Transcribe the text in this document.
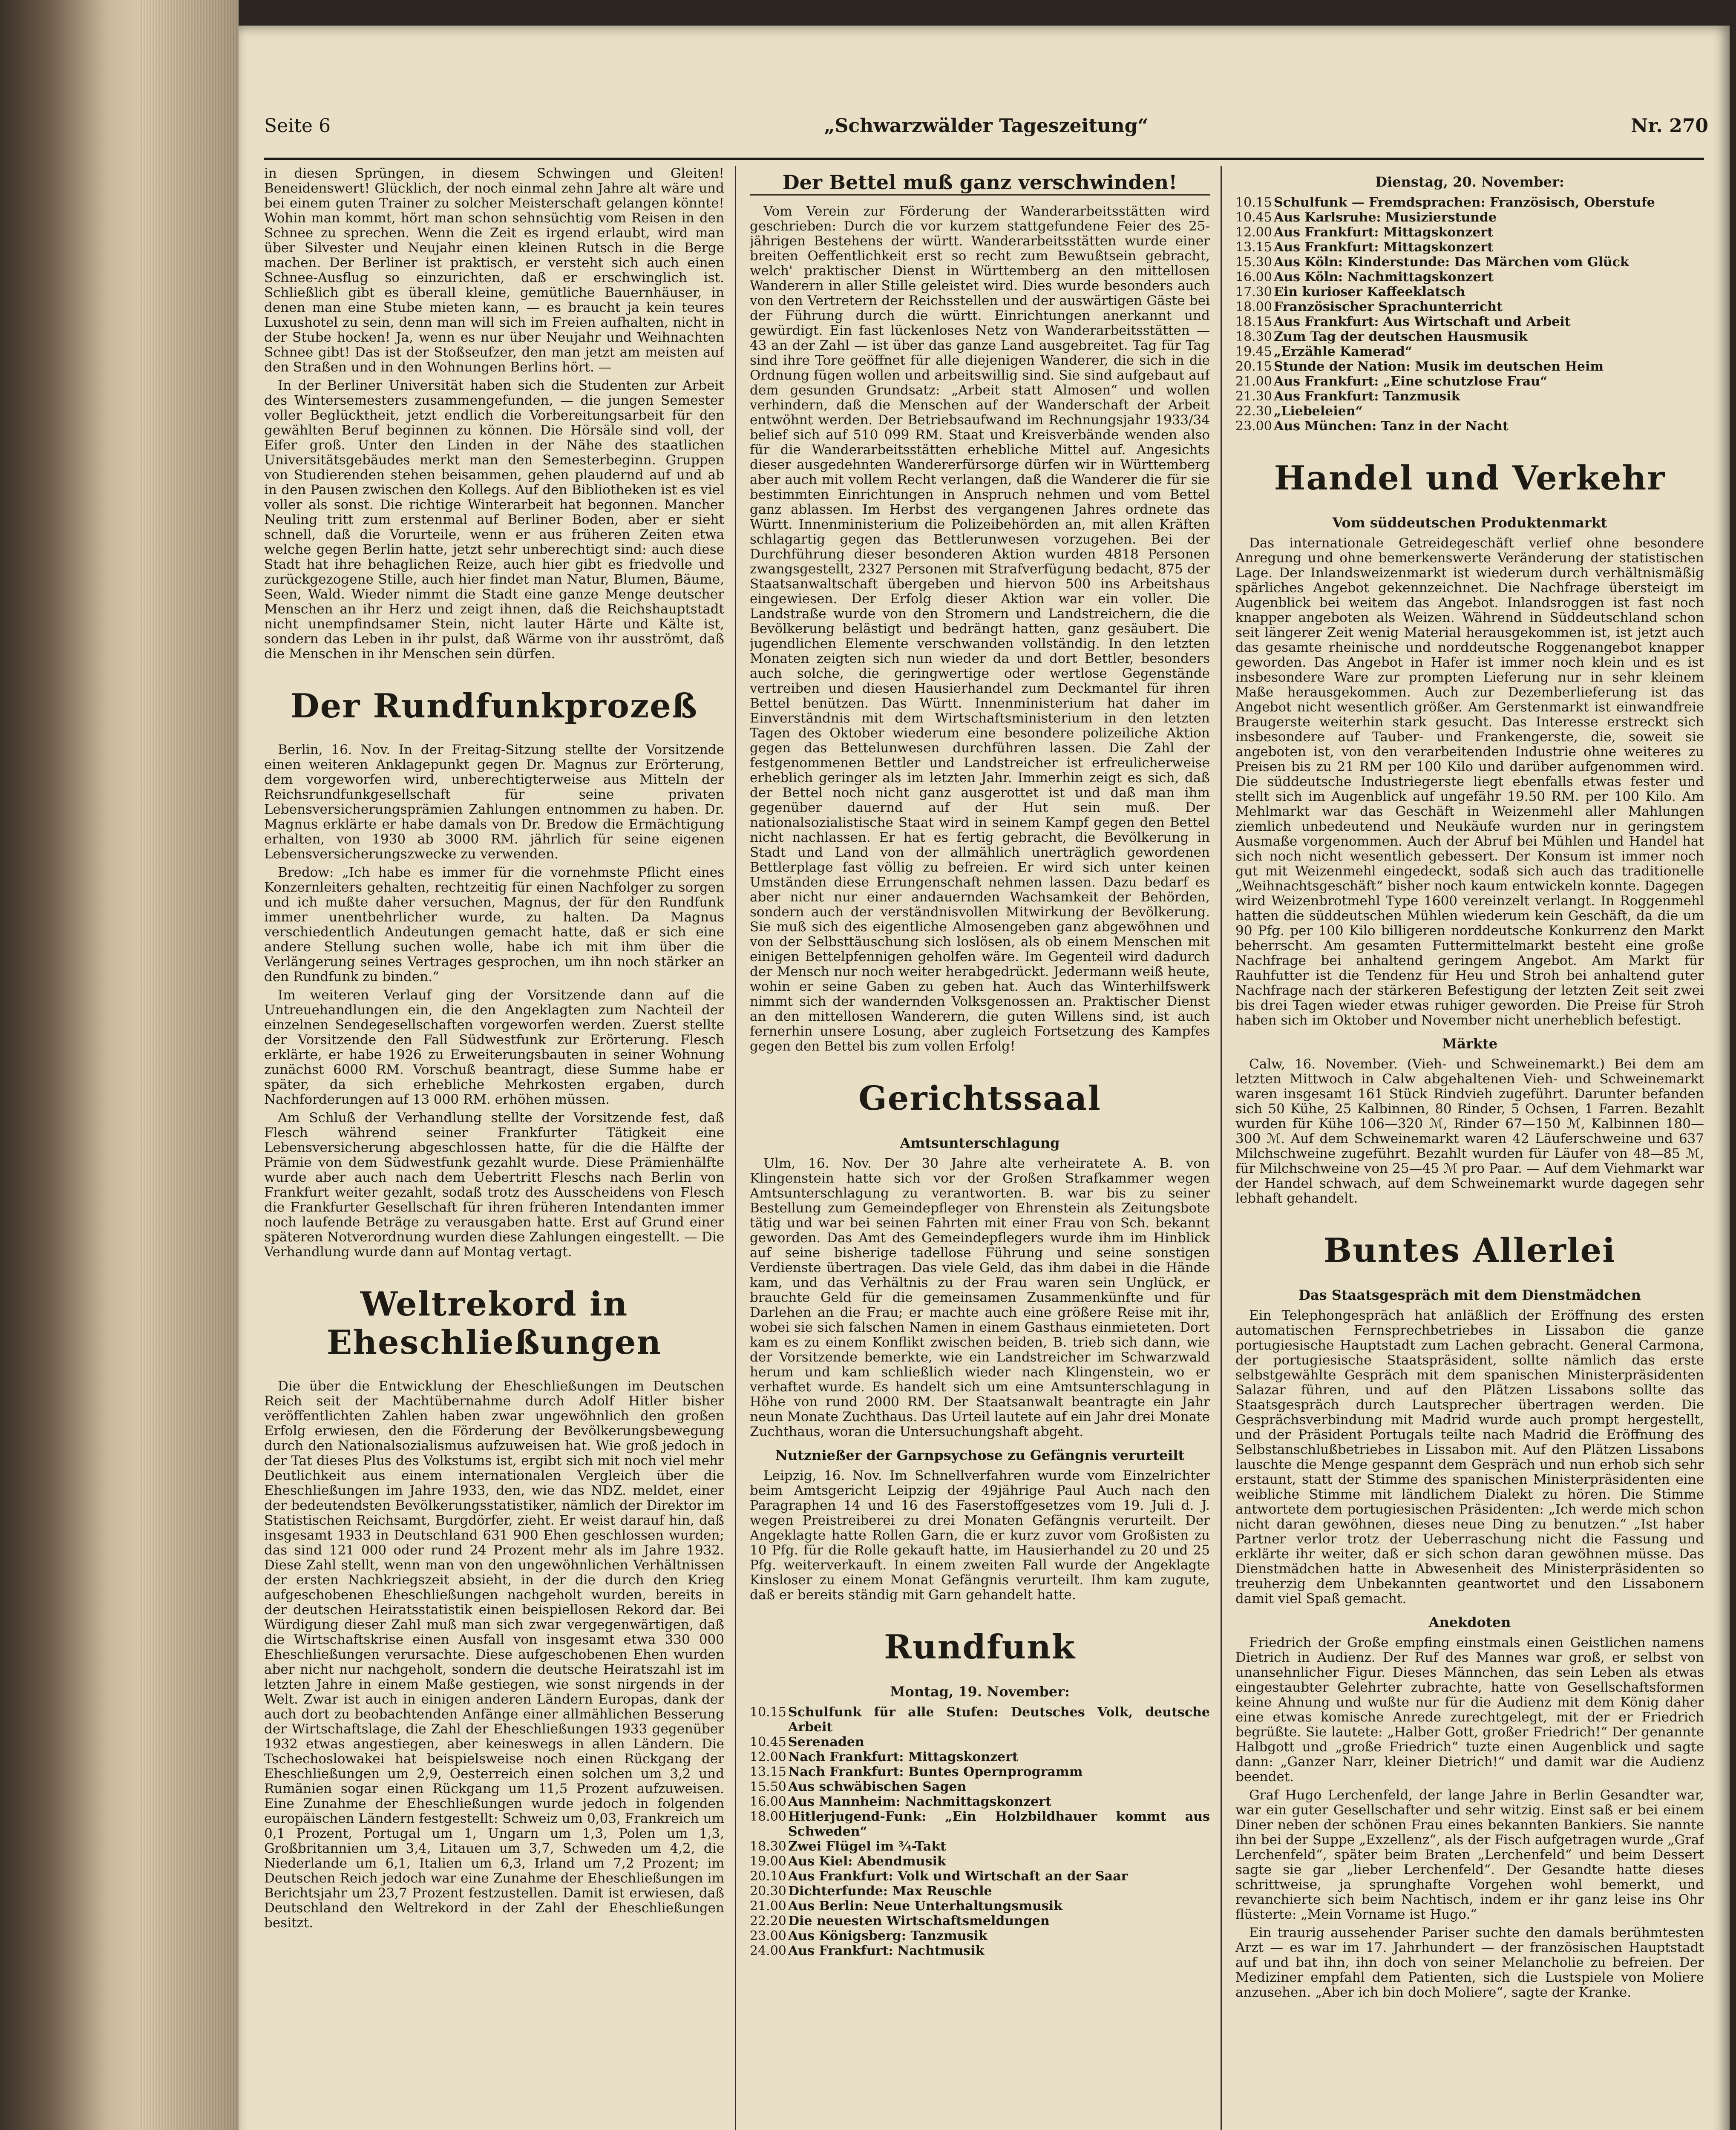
Seite 6	„Schwarzwälder Tageszeitung“	Nr. 270

in diesen Sprüngen, in diesem Schwingen und Gleiten! Beneidenswert! Glücklich, der noch einmal zehn Jahre alt wäre und bei einem guten Trainer zu solcher Meisterschaft gelangen könnte! Wohin man kommt, hört man schon sehnsüchtig vom Reisen in den Schnee zu sprechen. Wenn die Zeit es irgend erlaubt, wird man über Silvester und Neujahr einen kleinen Rutsch in die Berge machen. Der Berliner ist praktisch, er versteht sich auch einen Schnee-Ausflug so einzurichten, daß er erschwinglich ist. Schließlich gibt es überall kleine, gemütliche Bauernhäuser, in denen man eine Stube mieten kann, — es braucht ja kein teures Luxushotel zu sein, denn man will sich im Freien aufhalten, nicht in der Stube hocken! Ja, wenn es nur über Neujahr und Weihnachten Schnee gibt! Das ist der Stoßseufzer, den man jetzt am meisten auf den Straßen und in den Wohnungen Berlins hört. —

In der Berliner Universität haben sich die Studenten zur Arbeit des Wintersemesters zusammengefunden, — die jungen Semester voller Beglücktheit, jetzt endlich die Vorbereitungsarbeit für den gewählten Beruf beginnen zu können. Die Hörsäle sind voll, der Eifer groß. Unter den Linden in der Nähe des staatlichen Universitätsgebäudes merkt man den Semesterbeginn. Gruppen von Studierenden stehen beisammen, gehen plaudernd auf und ab in den Pausen zwischen den Kollegs. Auf den Bibliotheken ist es viel voller als sonst. Die richtige Winterarbeit hat begonnen. Mancher Neuling tritt zum erstenmal auf Berliner Boden, aber er sieht schnell, daß die Vorurteile, wenn er aus früheren Zeiten etwa welche gegen Berlin hatte, jetzt sehr unberechtigt sind: auch diese Stadt hat ihre behaglichen Reize, auch hier gibt es friedvolle und zurückgezogene Stille, auch hier findet man Natur, Blumen, Bäume, Seen, Wald. Wieder nimmt die Stadt eine ganze Menge deutscher Menschen an ihr Herz und zeigt ihnen, daß die Reichshauptstadt nicht unempfindsamer Stein, nicht lauter Härte und Kälte ist, sondern das Leben in ihr pulst, daß Wärme von ihr ausströmt, daß die Menschen in ihr Menschen sein dürfen.

Der Rundfunkprozeß

Berlin, 16. Nov. In der Freitag-Sitzung stellte der Vorsitzende einen weiteren Anklagepunkt gegen Dr. Magnus zur Erörterung, dem vorgeworfen wird, unberechtigterweise aus Mitteln der Reichsrundfunkgesellschaft für seine privaten Lebensversicherungsprämien Zahlungen entnommen zu haben. Dr. Magnus erklärte er habe damals von Dr. Bredow die Ermächtigung erhalten, von 1930 ab 3000 RM. jährlich für seine eigenen Lebensversicherungszwecke zu verwenden.

Bredow: „Ich habe es immer für die vornehmste Pflicht eines Konzernleiters gehalten, rechtzeitig für einen Nachfolger zu sorgen und ich mußte daher versuchen, Magnus, der für den Rundfunk immer unentbehrlicher wurde, zu halten. Da Magnus verschiedentlich Andeutungen gemacht hatte, daß er sich eine andere Stellung suchen wolle, habe ich mit ihm über die Verlängerung seines Vertrages gesprochen, um ihn noch stärker an den Rundfunk zu binden.“

Im weiteren Verlauf ging der Vorsitzende dann auf die Untreuehandlungen ein, die den Angeklagten zum Nachteil der einzelnen Sendegesellschaften vorgeworfen werden. Zuerst stellte der Vorsitzende den Fall Südwestfunk zur Erörterung. Flesch erklärte, er habe 1926 zu Erweiterungsbauten in seiner Wohnung zunächst 6000 RM. Vorschuß beantragt, diese Summe habe er später, da sich erhebliche Mehrkosten ergaben, durch Nachforderungen auf 13 000 RM. erhöhen müssen.

Am Schluß der Verhandlung stellte der Vorsitzende fest, daß Flesch während seiner Frankfurter Tätigkeit eine Lebensversicherung abgeschlossen hatte, für die die Hälfte der Prämie von dem Südwestfunk gezahlt wurde. Diese Prämienhälfte wurde aber auch nach dem Uebertritt Fleschs nach Berlin von Frankfurt weiter gezahlt, sodaß trotz des Ausscheidens von Flesch die Frankfurter Gesellschaft für ihren früheren Intendanten immer noch laufende Beträge zu verausgaben hatte. Erst auf Grund einer späteren Notverordnung wurden diese Zahlungen eingestellt. — Die Verhandlung wurde dann auf Montag vertagt.

Weltrekord in Eheschließungen

Die über die Entwicklung der Eheschließungen im Deutschen Reich seit der Machtübernahme durch Adolf Hitler bisher veröffentlichten Zahlen haben zwar ungewöhnlich den großen Erfolg erwiesen, den die Förderung der Bevölkerungsbewegung durch den Nationalsozialismus aufzuweisen hat. Wie groß jedoch in der Tat dieses Plus des Volkstums ist, ergibt sich mit noch viel mehr Deutlichkeit aus einem internationalen Vergleich über die Eheschließungen im Jahre 1933, den, wie das NDZ. meldet, einer der bedeutendsten Bevölkerungsstatistiker, nämlich der Direktor im Statistischen Reichsamt, Burgdörfer, zieht. Er weist darauf hin, daß insgesamt 1933 in Deutschland 631 900 Ehen geschlossen wurden; das sind 121 000 oder rund 24 Prozent mehr als im Jahre 1932. Diese Zahl stellt, wenn man von den ungewöhnlichen Verhältnissen der ersten Nachkriegszeit absieht, in der die durch den Krieg aufgeschobenen Eheschließungen nachgeholt wurden, bereits in der deutschen Heiratsstatistik einen beispiellosen Rekord dar. Bei Würdigung dieser Zahl muß man sich zwar vergegenwärtigen, daß die Wirtschaftskrise einen Ausfall von insgesamt etwa 330 000 Eheschließungen verursachte. Diese aufgeschobenen Ehen wurden aber nicht nur nachgeholt, sondern die deutsche Heiratszahl ist im letzten Jahre in einem Maße gestiegen, wie sonst nirgends in der Welt. Zwar ist auch in einigen anderen Ländern Europas, dank der auch dort zu beobachtenden Anfänge einer allmählichen Besserung der Wirtschaftslage, die Zahl der Eheschließungen 1933 gegenüber 1932 etwas angestiegen, aber keineswegs in allen Ländern. Die Tschechoslowakei hat beispielsweise noch einen Rückgang der Eheschließungen um 2,9, Oesterreich einen solchen um 3,2 und Rumänien sogar einen Rückgang um 11,5 Prozent aufzuweisen. Eine Zunahme der Eheschließungen wurde jedoch in folgenden europäischen Ländern festgestellt: Schweiz um 0,03, Frankreich um 0,1 Prozent, Portugal um 1, Ungarn um 1,3, Polen um 1,3, Großbritannien um 3,4, Litauen um 3,7, Schweden um 4,2, die Niederlande um 6,1, Italien um 6,3, Irland um 7,2 Prozent; im Deutschen Reich jedoch war eine Zunahme der Eheschließungen im Berichtsjahr um 23,7 Prozent festzustellen. Damit ist erwiesen, daß Deutschland den Weltrekord in der Zahl der Eheschließungen besitzt.

Der Bettel muß ganz verschwinden!

Vom Verein zur Förderung der Wanderarbeitsstätten wird geschrieben: Durch die vor kurzem stattgefundene Feier des 25-jährigen Bestehens der württ. Wanderarbeitsstätten wurde einer breiten Oeffentlichkeit erst so recht zum Bewußtsein gebracht, welch' praktischer Dienst in Württemberg an den mittellosen Wanderern in aller Stille geleistet wird. Dies wurde besonders auch von den Vertretern der Reichsstellen und der auswärtigen Gäste bei der Führung durch die württ. Einrichtungen anerkannt und gewürdigt. Ein fast lückenloses Netz von Wanderarbeitsstätten — 43 an der Zahl — ist über das ganze Land ausgebreitet. Tag für Tag sind ihre Tore geöffnet für alle diejenigen Wanderer, die sich in die Ordnung fügen wollen und arbeitswillig sind. Sie sind aufgebaut auf dem gesunden Grundsatz: „Arbeit statt Almosen“ und wollen verhindern, daß die Menschen auf der Wanderschaft der Arbeit entwöhnt werden. Der Betriebsaufwand im Rechnungsjahr 1933/34 belief sich auf 510 099 RM. Staat und Kreisverbände wenden also für die Wanderarbeitsstätten erhebliche Mittel auf. Angesichts dieser ausgedehnten Wandererfürsorge dürfen wir in Württemberg aber auch mit vollem Recht verlangen, daß die Wanderer die für sie bestimmten Einrichtungen in Anspruch nehmen und vom Bettel ganz ablassen. Im Herbst des vergangenen Jahres ordnete das Württ. Innenministerium die Polizeibehörden an, mit allen Kräften schlagartig gegen das Bettlerunwesen vorzugehen. Bei der Durchführung dieser besonderen Aktion wurden 4818 Personen zwangsgestellt, 2327 Personen mit Strafverfügung bedacht, 875 der Staatsanwaltschaft übergeben und hiervon 500 ins Arbeitshaus eingewiesen. Der Erfolg dieser Aktion war ein voller. Die Landstraße wurde von den Stromern und Landstreichern, die die Bevölkerung belästigt und bedrängt hatten, ganz gesäubert. Die jugendlichen Elemente verschwanden vollständig. In den letzten Monaten zeigten sich nun wieder da und dort Bettler, besonders auch solche, die geringwertige oder wertlose Gegenstände vertreiben und diesen Hausierhandel zum Deckmantel für ihren Bettel benützen. Das Württ. Innenministerium hat daher im Einverständnis mit dem Wirtschaftsministerium in den letzten Tagen des Oktober wiederum eine besondere polizeiliche Aktion gegen das Bettelunwesen durchführen lassen. Die Zahl der festgenommenen Bettler und Landstreicher ist erfreulicherweise erheblich geringer als im letzten Jahr. Immerhin zeigt es sich, daß der Bettel noch nicht ganz ausgerottet ist und daß man ihm gegenüber dauernd auf der Hut sein muß. Der nationalsozialistische Staat wird in seinem Kampf gegen den Bettel nicht nachlassen. Er hat es fertig gebracht, die Bevölkerung in Stadt und Land von der allmählich unerträglich gewordenen Bettlerplage fast völlig zu befreien. Er wird sich unter keinen Umständen diese Errungenschaft nehmen lassen. Dazu bedarf es aber nicht nur einer andauernden Wachsamkeit der Behörden, sondern auch der verständnisvollen Mitwirkung der Bevölkerung. Sie muß sich des eigentliche Almosengeben ganz abgewöhnen und von der Selbsttäuschung sich loslösen, als ob einem Menschen mit einigen Bettelpfennigen geholfen wäre. Im Gegenteil wird dadurch der Mensch nur noch weiter herabgedrückt. Jedermann weiß heute, wohin er seine Gaben zu geben hat. Auch das Winterhilfswerk nimmt sich der wandernden Volksgenossen an. Praktischer Dienst an den mittellosen Wanderern, die guten Willens sind, ist auch fernerhin unsere Losung, aber zugleich Fortsetzung des Kampfes gegen den Bettel bis zum vollen Erfolg!

Gerichtssaal
Amtsunterschlagung

Ulm, 16. Nov. Der 30 Jahre alte verheiratete A. B. von Klingenstein hatte sich vor der Großen Strafkammer wegen Amtsunterschlagung zu verantworten. B. war bis zu seiner Bestellung zum Gemeindepfleger von Ehrenstein als Zeitungsbote tätig und war bei seinen Fahrten mit einer Frau von Sch. bekannt geworden. Das Amt des Gemeindepflegers wurde ihm im Hinblick auf seine bisherige tadellose Führung und seine sonstigen Verdienste übertragen. Das viele Geld, das ihm dabei in die Hände kam, und das Verhältnis zu der Frau waren sein Unglück, er brauchte Geld für die gemeinsamen Zusammenkünfte und für Darlehen an die Frau; er machte auch eine größere Reise mit ihr, wobei sie sich falschen Namen in einem Gasthaus einmieteten. Dort kam es zu einem Konflikt zwischen beiden, B. trieb sich dann, wie der Vorsitzende bemerkte, wie ein Landstreicher im Schwarzwald herum und kam schließlich wieder nach Klingenstein, wo er verhaftet wurde. Es handelt sich um eine Amtsunterschlagung in Höhe von rund 2000 RM. Der Staatsanwalt beantragte ein Jahr neun Monate Zuchthaus. Das Urteil lautete auf ein Jahr drei Monate Zuchthaus, woran die Untersuchungshaft abgeht.

Nutznießer der Garnpsychose zu Gefängnis verurteilt

Leipzig, 16. Nov. Im Schnellverfahren wurde vom Einzelrichter beim Amtsgericht Leipzig der 49jährige Paul Auch nach den Paragraphen 14 und 16 des Faserstoffgesetzes vom 19. Juli d. J. wegen Preistreiberei zu drei Monaten Gefängnis verurteilt. Der Angeklagte hatte Rollen Garn, die er kurz zuvor vom Großisten zu 10 Pfg. für die Rolle gekauft hatte, im Hausierhandel zu 20 und 25 Pfg. weiterverkauft. In einem zweiten Fall wurde der Angeklagte Kinsloser zu einem Monat Gefängnis verurteilt. Ihm kam zugute, daß er bereits ständig mit Garn gehandelt hatte.

Rundfunk
Montag, 19. November:
10.15 Schulfunk für alle Stufen: Deutsches Volk, deutsche Arbeit
10.45 Serenaden
12.00 Nach Frankfurt: Mittagskonzert
13.15 Nach Frankfurt: Buntes Opernprogramm
15.50 Aus schwäbischen Sagen
16.00 Aus Mannheim: Nachmittagskonzert
18.00 Hitlerjugend-Funk: „Ein Holzbildhauer kommt aus Schweden“
18.30 Zwei Flügel im ¾-Takt
19.00 Aus Kiel: Abendmusik
20.10 Aus Frankfurt: Volk und Wirtschaft an der Saar
20.30 Dichterfunde: Max Reuschle
21.00 Aus Berlin: Neue Unterhaltungsmusik
22.20 Die neuesten Wirtschaftsmeldungen
23.00 Aus Königsberg: Tanzmusik
24.00 Aus Frankfurt: Nachtmusik
Dienstag, 20. November:
10.15 Schulfunk — Fremdsprachen: Französisch, Oberstufe
10.45 Aus Karlsruhe: Musizierstunde
12.00 Aus Frankfurt: Mittagskonzert
13.15 Aus Frankfurt: Mittagskonzert
15.30 Aus Köln: Kinderstunde: Das Märchen vom Glück
16.00 Aus Köln: Nachmittagskonzert
17.30 Ein kurioser Kaffeeklatsch
18.00 Französischer Sprachunterricht
18.15 Aus Frankfurt: Aus Wirtschaft und Arbeit
18.30 Zum Tag der deutschen Hausmusik
19.45 „Erzähle Kamerad“
20.15 Stunde der Nation: Musik im deutschen Heim
21.00 Aus Frankfurt: „Eine schutzlose Frau“
21.30 Aus Frankfurt: Tanzmusik
22.30 „Liebeleien“
23.00 Aus München: Tanz in der Nacht
Handel und Verkehr
Vom süddeutschen Produktenmarkt

Das internationale Getreidegeschäft verlief ohne besondere Anregung und ohne bemerkenswerte Veränderung der statistischen Lage. Der Inlandsweizenmarkt ist wiederum durch verhältnismäßig spärliches Angebot gekennzeichnet. Die Nachfrage übersteigt im Augenblick bei weitem das Angebot. Inlandsroggen ist fast noch knapper angeboten als Weizen. Während in Süddeutschland schon seit längerer Zeit wenig Material herausgekommen ist, ist jetzt auch das gesamte rheinische und norddeutsche Roggenangebot knapper geworden. Das Angebot in Hafer ist immer noch klein und es ist insbesondere Ware zur prompten Lieferung nur in sehr kleinem Maße herausgekommen. Auch zur Dezemberlieferung ist das Angebot nicht wesentlich größer. Am Gerstenmarkt ist einwandfreie Braugerste weiterhin stark gesucht. Das Interesse erstreckt sich insbesondere auf Tauber- und Frankengerste, die, soweit sie angeboten ist, von den verarbeitenden Industrie ohne weiteres zu Preisen bis zu 21 RM per 100 Kilo und darüber aufgenommen wird. Die süddeutsche Industriegerste liegt ebenfalls etwas fester und stellt sich im Augenblick auf ungefähr 19.50 RM. per 100 Kilo. Am Mehlmarkt war das Geschäft in Weizenmehl aller Mahlungen ziemlich unbedeutend und Neukäufe wurden nur in geringstem Ausmaße vorgenommen. Auch der Abruf bei Mühlen und Handel hat sich noch nicht wesentlich gebessert. Der Konsum ist immer noch gut mit Weizenmehl eingedeckt, sodaß sich auch das traditionelle „Weihnachtsgeschäft“ bisher noch kaum entwickeln konnte. Dagegen wird Weizenbrotmehl Type 1600 vereinzelt verlangt. In Roggenmehl hatten die süddeutschen Mühlen wiederum kein Geschäft, da die um 90 Pfg. per 100 Kilo billigeren norddeutsche Konkurrenz den Markt beherrscht. Am gesamten Futtermittelmarkt besteht eine große Nachfrage bei anhaltend geringem Angebot. Am Markt für Rauhfutter ist die Tendenz für Heu und Stroh bei anhaltend guter Nachfrage nach der stärkeren Befestigung der letzten Zeit seit zwei bis drei Tagen wieder etwas ruhiger geworden. Die Preise für Stroh haben sich im Oktober und November nicht unerheblich befestigt.

Märkte

Calw, 16. November. (Vieh- und Schweinemarkt.) Bei dem am letzten Mittwoch in Calw abgehaltenen Vieh- und Schweinemarkt waren insgesamt 161 Stück Rindvieh zugeführt. Darunter befanden sich 50 Kühe, 25 Kalbinnen, 80 Rinder, 5 Ochsen, 1 Farren. Bezahlt wurden für Kühe 106—320 ℳ, Rinder 67—150 ℳ, Kalbinnen 180—300 ℳ. Auf dem Schweinemarkt waren 42 Läuferschweine und 637 Milchschweine zugeführt. Bezahlt wurden für Läufer von 48—85 ℳ, für Milchschweine von 25—45 ℳ pro Paar. — Auf dem Viehmarkt war der Handel schwach, auf dem Schweinemarkt wurde dagegen sehr lebhaft gehandelt.

Buntes Allerlei
Das Staatsgespräch mit dem Dienstmädchen

Ein Telephongespräch hat anläßlich der Eröffnung des ersten automatischen Fernsprechbetriebes in Lissabon die ganze portugiesische Hauptstadt zum Lachen gebracht. General Carmona, der portugiesische Staatspräsident, sollte nämlich das erste selbstgewählte Gespräch mit dem spanischen Ministerpräsidenten Salazar führen, und auf den Plätzen Lissabons sollte das Staatsgespräch durch Lautsprecher übertragen werden. Die Gesprächsverbindung mit Madrid wurde auch prompt hergestellt, und der Präsident Portugals teilte nach Madrid die Eröffnung des Selbstanschlußbetriebes in Lissabon mit. Auf den Plätzen Lissabons lauschte die Menge gespannt dem Gespräch und nun erhob sich sehr erstaunt, statt der Stimme des spanischen Ministerpräsidenten eine weibliche Stimme mit ländlichem Dialekt zu hören. Die Stimme antwortete dem portugiesischen Präsidenten: „Ich werde mich schon nicht daran gewöhnen, dieses neue Ding zu benutzen.“ „Ist haber Partner verlor trotz der Ueberraschung nicht die Fassung und erklärte ihr weiter, daß er sich schon daran gewöhnen müsse. Das Dienstmädchen hatte in Abwesenheit des Ministerpräsidenten so treuherzig dem Unbekannten geantwortet und den Lissabonern damit viel Spaß gemacht.

Anekdoten

Friedrich der Große empfing einstmals einen Geistlichen namens Dietrich in Audienz. Der Ruf des Mannes war groß, er selbst von unansehnlicher Figur. Dieses Männchen, das sein Leben als etwas eingestaubter Gelehrter zubrachte, hatte von Gesellschaftsformen keine Ahnung und wußte nur für die Audienz mit dem König daher eine etwas komische Anrede zurechtgelegt, mit der er Friedrich begrüßte. Sie lautete: „Halber Gott, großer Friedrich!“ Der genannte Halbgott und „große Friedrich“ tuzte einen Augenblick und sagte dann: „Ganzer Narr, kleiner Dietrich!“ und damit war die Audienz beendet.

Graf Hugo Lerchenfeld, der lange Jahre in Berlin Gesandter war, war ein guter Gesellschafter und sehr witzig. Einst saß er bei einem Diner neben der schönen Frau eines bekannten Bankiers. Sie nannte ihn bei der Suppe „Exzellenz“, als der Fisch aufgetragen wurde „Graf Lerchenfeld“, später beim Braten „Lerchenfeld“ und beim Dessert sagte sie gar „lieber Lerchenfeld“. Der Gesandte hatte dieses schrittweise, ja sprunghafte Vorgehen wohl bemerkt, und revanchierte sich beim Nachtisch, indem er ihr ganz leise ins Ohr flüsterte: „Mein Vorname ist Hugo.“

Ein traurig aussehender Pariser suchte den damals berühmtesten Arzt — es war im 17. Jahrhundert — der französischen Hauptstadt auf und bat ihn, ihn doch von seiner Melancholie zu befreien. Der Mediziner empfahl dem Patienten, sich die Lustspiele von Moliere anzusehen. „Aber ich bin doch Moliere“, sagte der Kranke.
